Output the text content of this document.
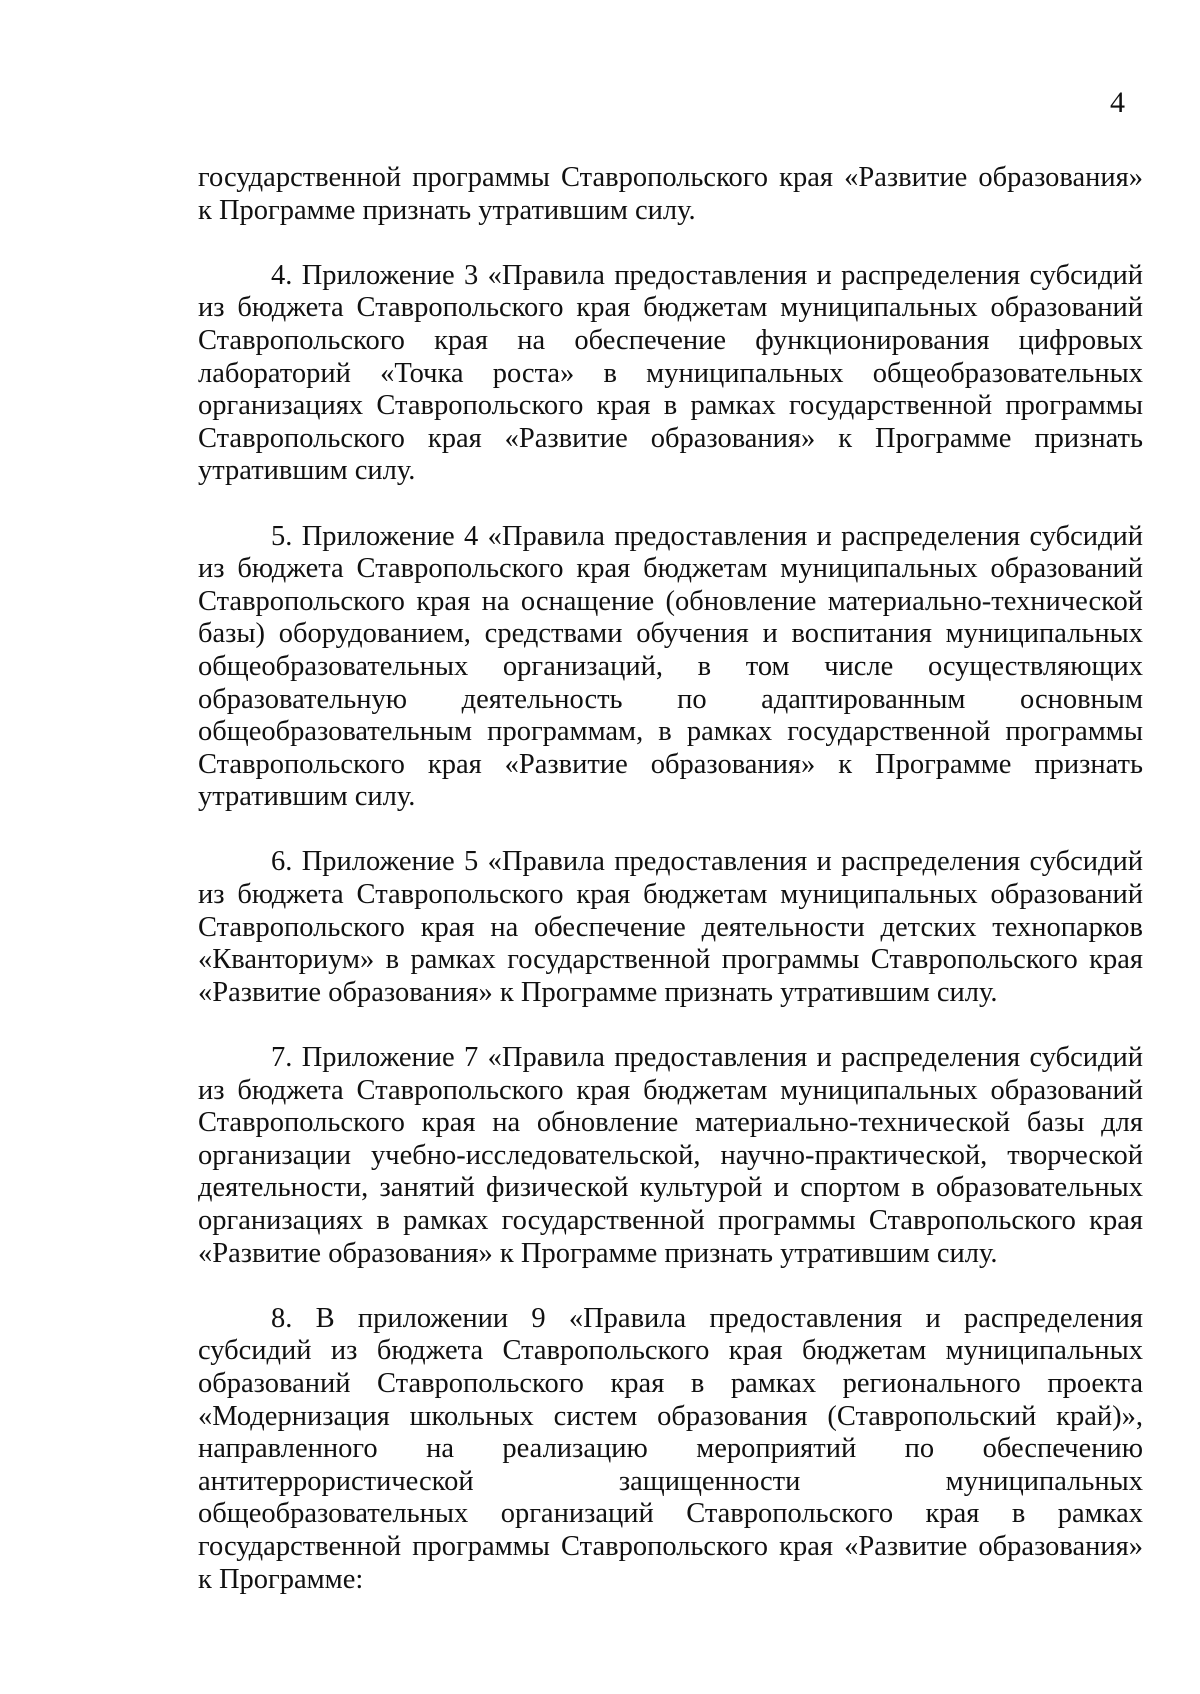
4

государственной программы Ставропольского края «Развитие образования» к Программе признать утратившим силу.

4. Приложение 3 «Правила предоставления и распределения субсидий из бюджета Ставропольского края бюджетам муниципальных образований Ставропольского края на обеспечение функционирования цифровых лабораторий «Точка роста» в муниципальных общеобразовательных организациях Ставропольского края в рамках государственной программы Ставропольского края «Развитие образования» к Программе признать утратившим силу.

5. Приложение 4 «Правила предоставления и распределения субсидий из бюджета Ставропольского края бюджетам муниципальных образований Ставропольского края на оснащение (обновление материально-технической базы) оборудованием, средствами обучения и воспитания муниципальных общеобразовательных организаций, в том числе осуществляющих образовательную деятельность по адаптированным основным общеобразовательным программам, в рамках государственной программы Ставропольского края «Развитие образования» к Программе признать утратившим силу.

6. Приложение 5 «Правила предоставления и распределения субсидий из бюджета Ставропольского края бюджетам муниципальных образований Ставропольского края на обеспечение деятельности детских технопарков «Кванториум» в рамках государственной программы Ставропольского края «Развитие образования» к Программе признать утратившим силу.

7. Приложение 7 «Правила предоставления и распределения субсидий из бюджета Ставропольского края бюджетам муниципальных образований Ставропольского края на обновление материально-технической базы для организации учебно-исследовательской, научно-практической, творческой деятельности, занятий физической культурой и спортом в образовательных организациях в рамках государственной программы Ставропольского края «Развитие образования» к Программе признать утратившим силу.

8. В приложении 9 «Правила предоставления и распределения субсидий из бюджета Ставропольского края бюджетам муниципальных образований Ставропольского края в рамках регионального проекта «Модернизация школьных систем образования (Ставропольский край)», направленного на реализацию мероприятий по обеспечению антитеррористической защищенности муниципальных общеобразовательных организаций Ставропольского края в рамках государственной программы Ставропольского края «Развитие образования» к Программе:
